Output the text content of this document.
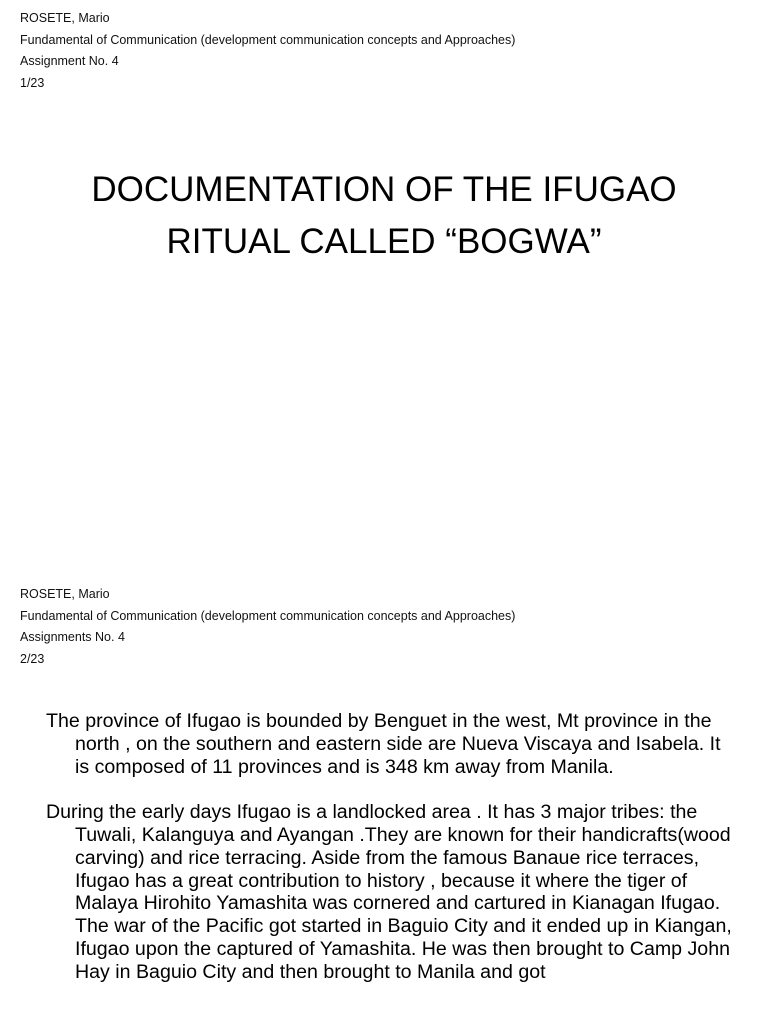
ROSETE, Mario
Fundamental of Communication (development communication concepts and Approaches)
Assignment No. 4
1/23
DOCUMENTATION OF THE IFUGAO
RITUAL CALLED “BOGWA”
ROSETE, Mario
Fundamental of Communication (development communication concepts and Approaches)
Assignments No. 4
2/23

The province of Ifugao is bounded by Benguet in the west, Mt province in the north , on the southern and eastern side are Nueva Viscaya and Isabela. It is composed of 11 provinces and is 348 km away from Manila.

During the early days Ifugao is a landlocked area . It has 3 major tribes: the Tuwali, Kalanguya and Ayangan .They are known for their handicrafts(wood carving) and rice terracing. Aside from the famous Banaue rice terraces, Ifugao has a great contribution to history , because it where the tiger of Malaya Hirohito Yamashita was cornered and cartured in Kianagan Ifugao. The war of the Pacific got started in Baguio City and it ended up in Kiangan, Ifugao upon the captured of Yamashita. He was then brought to Camp John Hay in Baguio City and then brought to Manila and got
